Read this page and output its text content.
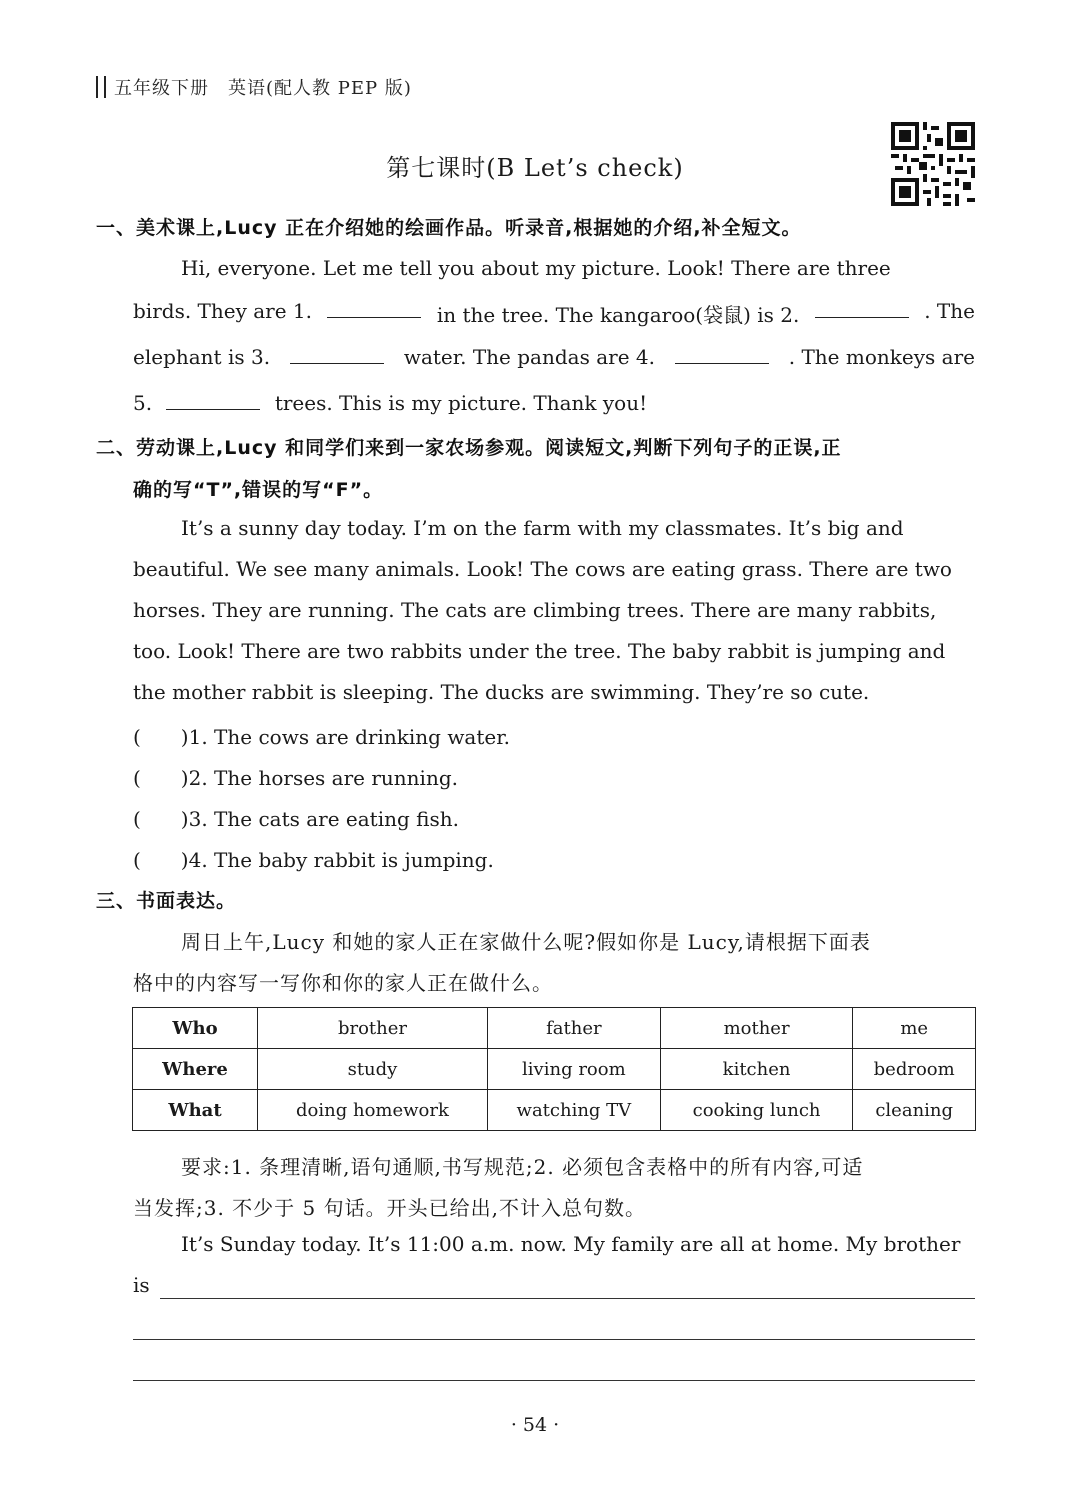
五年级下册　英语(配人教 PEP 版)
第七课时(B Let’s check)
一、美术课上,Lucy 正在介绍她的绘画作品。听录音,根据她的介绍,补全短文。
Hi, everyone. Let me tell you about my picture. Look! There are three
birds. They are 1.	in the tree. The kangaroo(袋鼠) is 2.	. The
elephant is 3.	water. The pandas are 4.	. The monkeys are
5.	trees. This is my picture. Thank you!
二、劳动课上,Lucy 和同学们来到一家农场参观。阅读短文,判断下列句子的正误,正
确的写“T”,错误的写“F”。
It’s a sunny day today. I’m on the farm with my classmates. It’s big and
beautiful. We see many animals. Look! The cows are eating grass. There are two
horses. They are running. The cats are climbing trees. There are many rabbits,
too. Look! There are two rabbits under the tree. The baby rabbit is jumping and
the mother rabbit is sleeping. The ducks are swimming. They’re so cute.
(　　)1. The cows are drinking water.
(　　)2. The horses are running.
(　　)3. The cats are eating fish.
(　　)4. The baby rabbit is jumping.
三、书面表达。
周日上午,Lucy 和她的家人正在家做什么呢?假如你是 Lucy,请根据下面表
格中的内容写一写你和你的家人正在做什么。
Who	brother	father	mother	me
Where	study	living room	kitchen	bedroom
What	doing homework	watching TV	cooking lunch	cleaning
要求:1. 条理清晰,语句通顺,书写规范;2. 必须包含表格中的所有内容,可适
当发挥;3. 不少于 5 句话。开头已给出,不计入总句数。
It’s Sunday today. It’s 11:00 a.m. now. My family are all at home. My brother
is
· 54 ·
